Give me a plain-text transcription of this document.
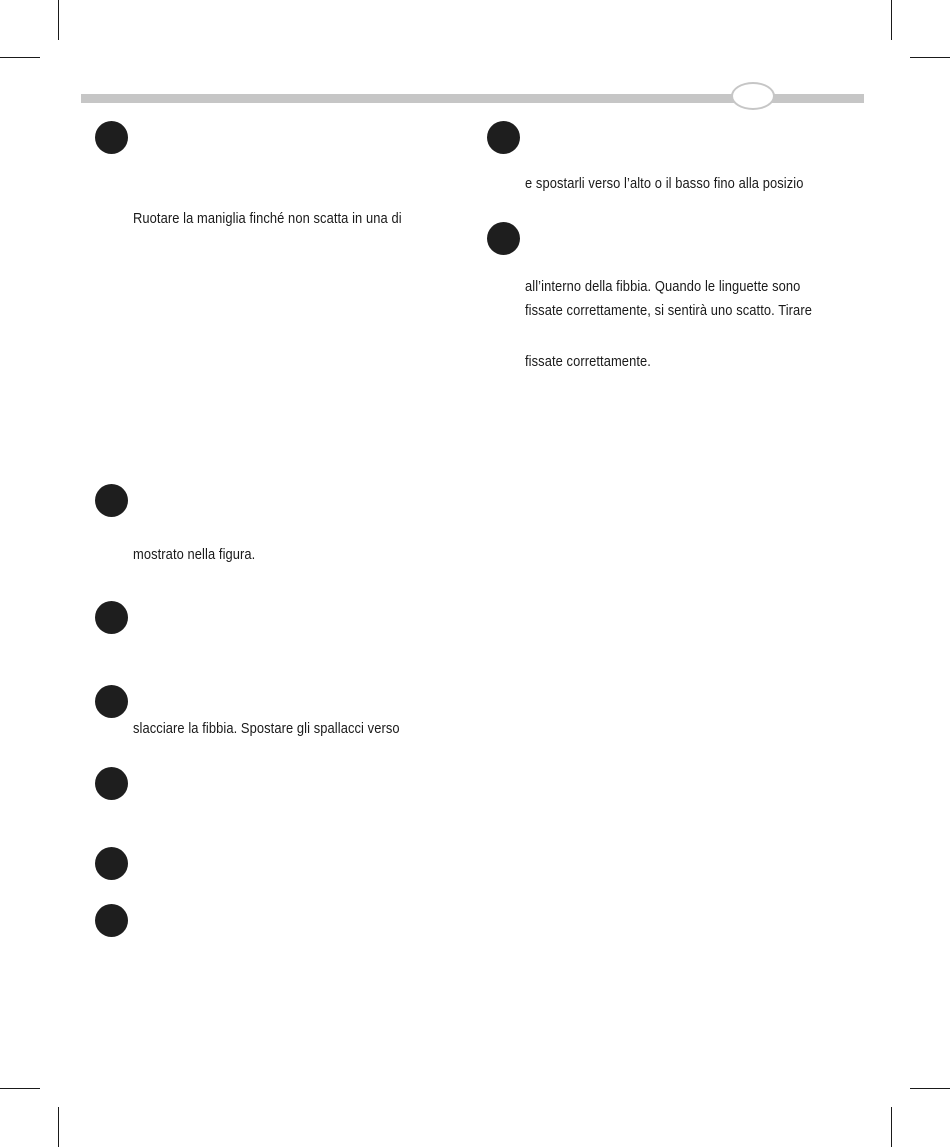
Ruotare la maniglia finché non scatta in una di
mostrato nella figura.
slacciare la fibbia. Spostare gli spallacci verso
e spostarli verso l’alto o il basso fino alla posizio
all’interno della fibbia. Quando le linguette sono
fissate correttamente, si sentirà uno scatto. Tirare
fissate correttamente.
